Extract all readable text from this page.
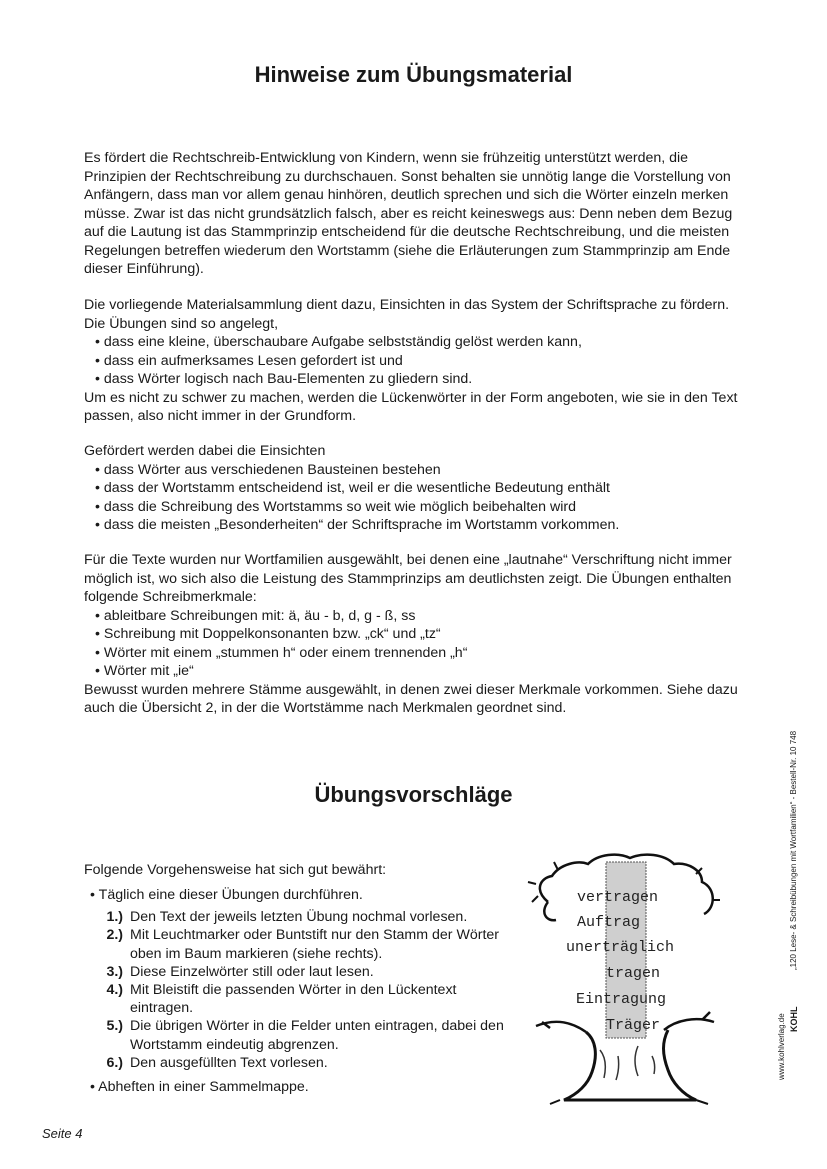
Hinweise zum Übungsmaterial

Es fördert die Rechtschreib-Entwicklung von Kindern, wenn sie frühzeitig unterstützt werden, die Prinzipien der Rechtschreibung zu durchschauen. Sonst behalten sie unnötig lange die Vorstellung von Anfängern, dass man vor allem genau hinhören, deutlich sprechen und sich die Wörter einzeln merken müsse. Zwar ist das nicht grundsätzlich falsch, aber es reicht keineswegs aus: Denn neben dem Bezug auf die Lautung ist das Stammprinzip entscheidend für die deutsche Rechtschreibung, und die meisten Regelungen betreffen wiederum den Wortstamm (siehe die Erläuterungen zum Stammprinzip am Ende dieser Einführung).

Die vorliegende Materialsammlung dient dazu, Einsichten in das System der Schriftsprache zu fördern. Die Übungen sind so angelegt,

• dass eine kleine, überschaubare Aufgabe selbstständig gelöst werden kann,
• dass ein aufmerksames Lesen gefordert ist und
• dass Wörter logisch nach Bau-Elementen zu gliedern sind.

Um es nicht zu schwer zu machen, werden die Lückenwörter in der Form angeboten, wie sie in den Text passen, also nicht immer in der Grundform.

Gefördert werden dabei die Einsichten

• dass Wörter aus verschiedenen Bausteinen bestehen
• dass der Wortstamm entscheidend ist, weil er die wesentliche Bedeutung enthält
• dass die Schreibung des Wortstamms so weit wie möglich beibehalten wird
• dass die meisten „Besonderheiten“ der Schriftsprache im Wortstamm vorkommen.

Für die Texte wurden nur Wortfamilien ausgewählt, bei denen eine „lautnahe“ Verschriftung nicht immer möglich ist, wo sich also die Leistung des Stammprinzips am deutlichsten zeigt. Die Übungen enthalten folgende Schreibmerkmale:

• ableitbare Schreibungen mit: ä, äu - b, d, g - ß, ss
• Schreibung mit Doppelkonsonanten bzw. „ck“ und „tz“
• Wörter mit einem „stummen h“ oder einem trennenden „h“
• Wörter mit „ie“

Bewusst wurden mehrere Stämme ausgewählt, in denen zwei dieser Merkmale vorkommen. Siehe dazu auch die Übersicht 2, in der die Wortstämme nach Merkmalen geordnet sind.

Übungsvorschläge
Folgende Vorgehensweise hat sich gut bewährt:

• Täglich eine dieser Übungen durchführen.

1.) Den Text der jeweils letzten Übung nochmal vorlesen.
2.) Mit Leuchtmarker oder Buntstift nur den Stamm der Wörter oben im Baum markieren (siehe rechts).
3.) Diese Einzelwörter still oder laut lesen.
4.) Mit Bleistift die passenden Wörter in den Lückentext eintragen.
5.) Die übrigen Wörter in die Felder unten eintragen, dabei den Wortstamm eindeutig abgrenzen.
6.) Den ausgefüllten Text vorlesen.

• Abheften in einer Sammelmappe.

vertragen
Auftrag
unerträglich
tragen
Eintragung
Träger	www.kohlverlag.de KOHL
„120 Lese- & Schreibübungen mit Wortfamilien“ - Bestell-Nr. 10 748
Seite 4
